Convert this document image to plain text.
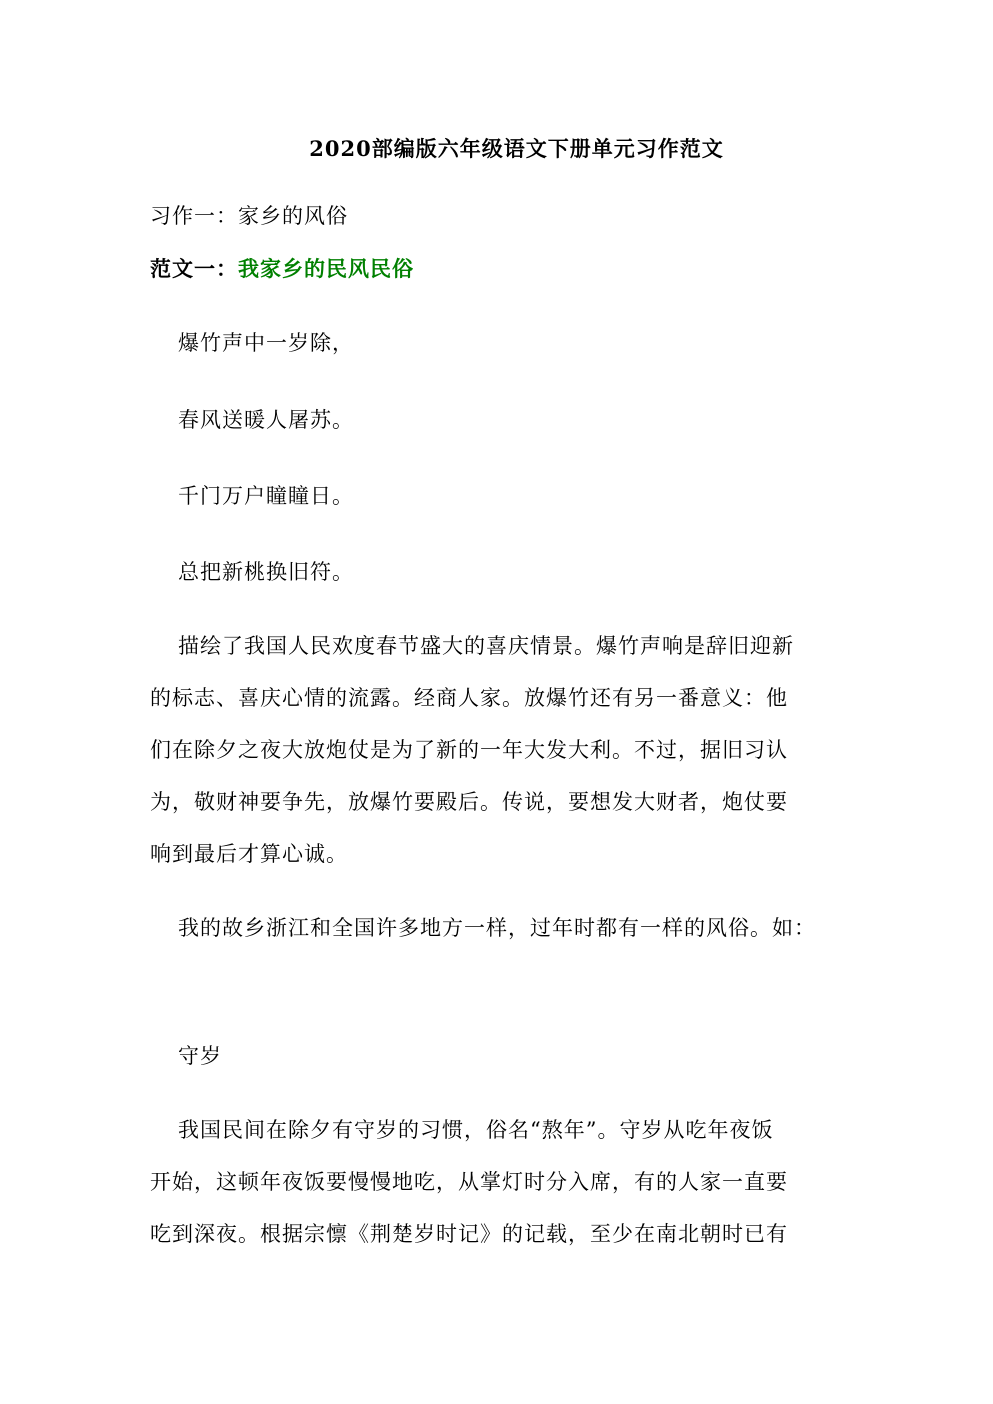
2020部编版六年级语文下册单元习作范文
习作一：家乡的风俗
范文一：我家乡的民风民俗
爆竹声中一岁除，
春风送暖人屠苏。
千门万户瞳瞳日。
总把新桃换旧符。
描绘了我国人民欢度春节盛大的喜庆情景。爆竹声响是辞旧迎新
的标志、喜庆心情的流露。经商人家。放爆竹还有另一番意义：他
们在除夕之夜大放炮仗是为了新的一年大发大利。不过，据旧习认
为，敬财神要争先，放爆竹要殿后。传说，要想发大财者，炮仗要
响到最后才算心诚。
我的故乡浙江和全国许多地方一样，过年时都有一样的风俗。如：
守岁
我国民间在除夕有守岁的习惯，俗名“熬年”。守岁从吃年夜饭
开始，这顿年夜饭要慢慢地吃，从掌灯时分入席，有的人家一直要
吃到深夜。根据宗懔《荆楚岁时记》的记载，至少在南北朝时已有
